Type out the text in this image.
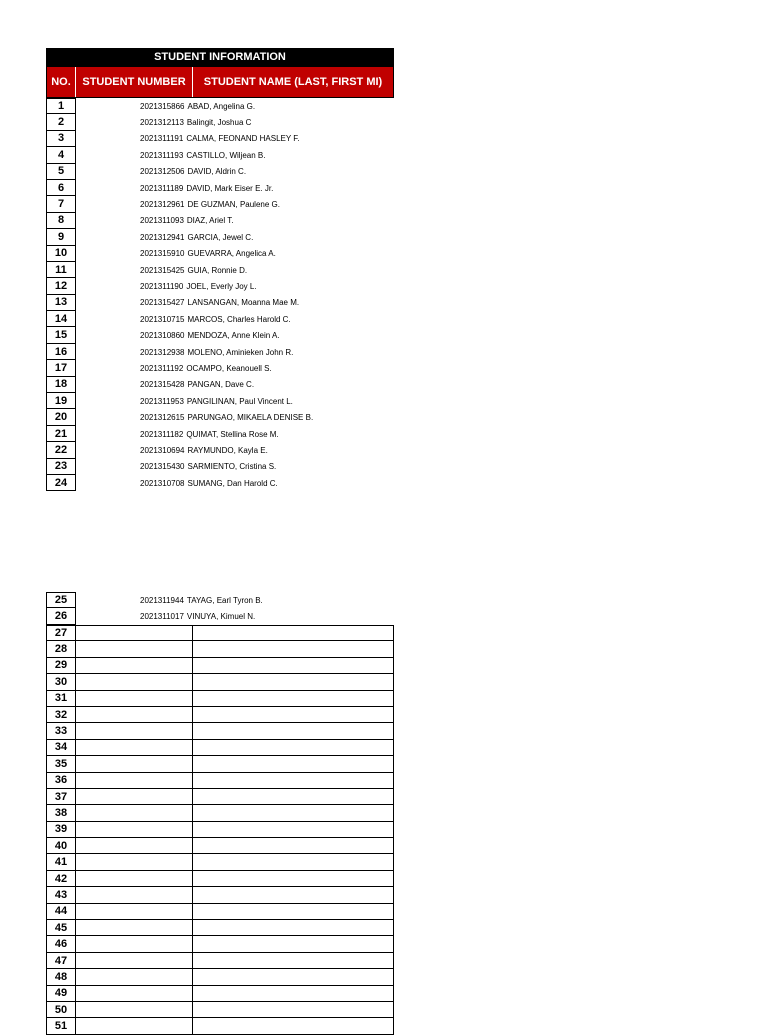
STUDENT INFORMATION
NO.	STUDENT NUMBER	STUDENT NAME (LAST, FIRST MI)
1	2021315866 ABAD, Angelina G.
2	2021312113 Balingit, Joshua C
3	2021311191 CALMA, FEONAND HASLEY F.
4	2021311193 CASTILLO, Wiljean B.
5	2021312506 DAVID, Aldrin C.
6	2021311189 DAVID, Mark Eiser E. Jr.
7	2021312961 DE GUZMAN, Paulene G.
8	2021311093 DIAZ, Ariel T.
9	2021312941 GARCIA, Jewel C.
10	2021315910 GUEVARRA, Angelica A.
11	2021315425 GUIA, Ronnie D.
12	2021311190 JOEL, Everly Joy L.
13	2021315427 LANSANGAN, Moanna Mae M.
14	2021310715 MARCOS, Charles Harold C.
15	2021310860 MENDOZA, Anne Klein A.
16	2021312938 MOLENO, Aminieken John R.
17	2021311192 OCAMPO, Keanouell S.
18	2021315428 PANGAN, Dave C.
19	2021311953 PANGILINAN, Paul Vincent L.
20	2021312615 PARUNGAO, MIKAELA DENISE B.
21	2021311182 QUIMAT, Stellina Rose M.
22	2021310694 RAYMUNDO, Kayla E.
23	2021315430 SARMIENTO, Cristina S.
24	2021310708 SUMANG, Dan Harold C.
25	2021311944 TAYAG, Earl Tyron B.
26	2021311017 VINUYA, Kimuel N.
27
28
29
30
31
32
33
34
35
36
37
38
39
40
41
42
43
44
45
46
47
48
49
50
51
